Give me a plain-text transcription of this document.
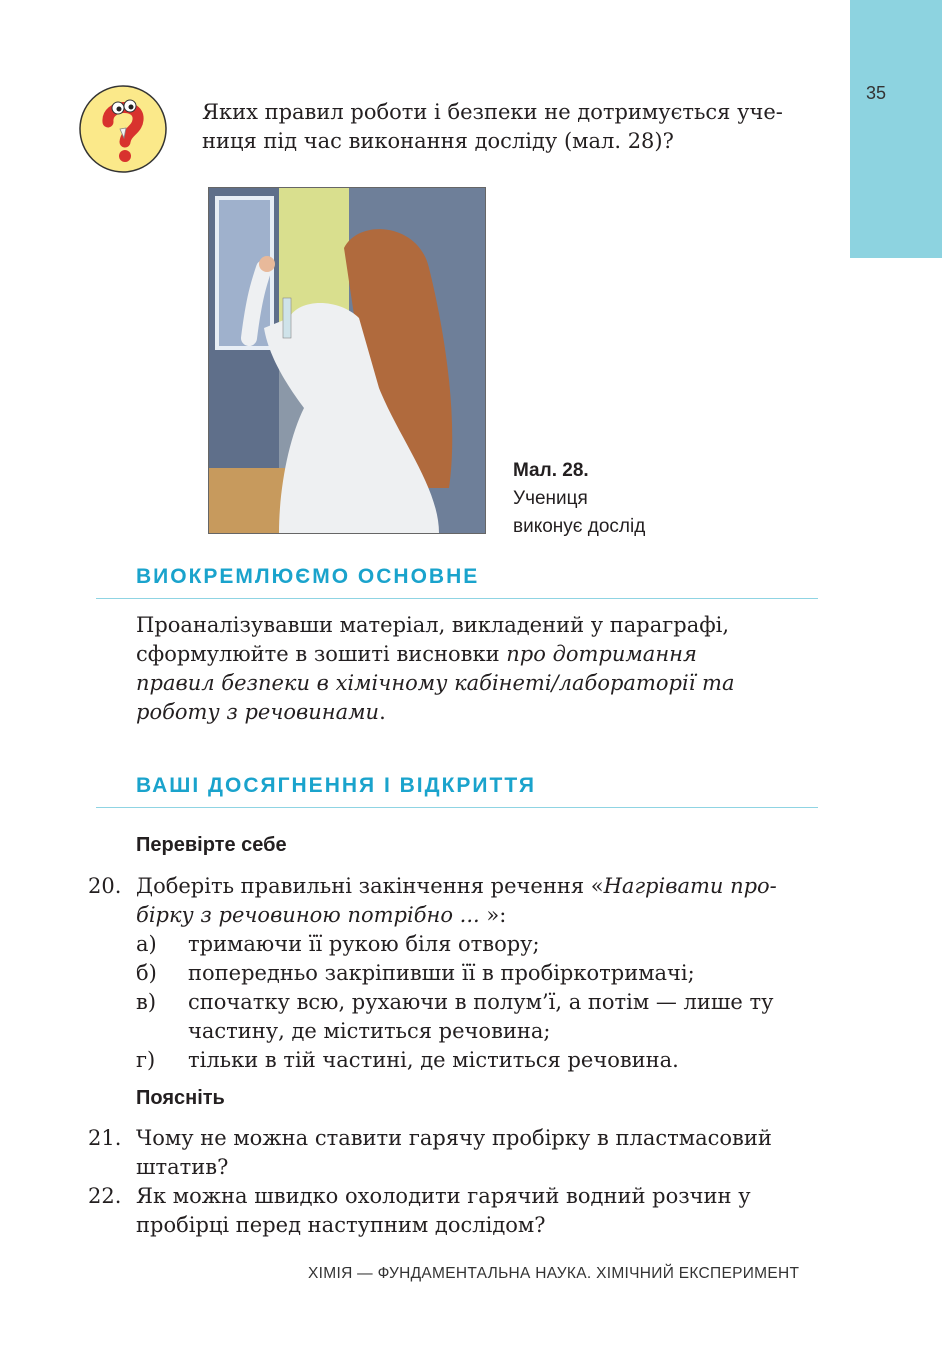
35

Яких правил роботи і безпеки не дотримується уче-
ниця під час виконання досліду (мал. 28)?

Мал. 28.
Учениця
виконує дослід
ВИОКРЕМЛЮЄМО ОСНОВНЕ

Проаналізувавши матеріал, викладений у параграфі,
сформулюйте в зошиті висновки про дотримання
правил безпеки в хімічному кабінеті/лабораторії та
роботу з речовинами.

ВАШІ ДОСЯГНЕННЯ І ВІДКРИТТЯ
Перевірте себе
20. Доберіть правильні закінчення речення «Нагрівати про-
бірку з речовиною потрібно ... »:
а) тримаючи її рукою біля отвору;
б) попередньо закріпивши її в пробіркотримачі;
в) спочатку всю, рухаючи в полум’ї, а потім — лише ту частину, де міститься речовина;
г) тільки в тій частині, де міститься речовина.
Поясніть
21. Чому не можна ставити гарячу пробірку в пластмасовий штатив?
22. Як можна швидко охолодити гарячий водний розчин у пробірці перед наступним дослідом?
ХІМІЯ — ФУНДАМЕНТАЛЬНА НАУКА. ХІМІЧНИЙ ЕКСПЕРИМЕНТ
